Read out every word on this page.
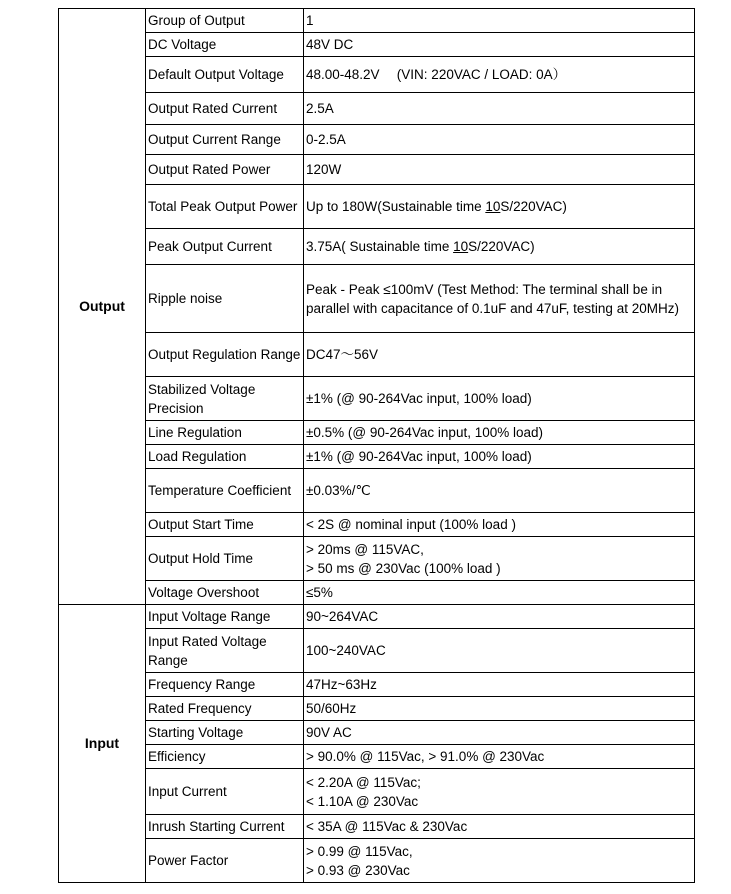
Output	Group of Output	1

	DC Voltage	48V DC

	Default Output Voltage	48.00-48.2V 　(VIN: 220VAC / LOAD: 0A）

	Output Rated Current	2.5A

	Output Current Range	0-2.5A

	Output Rated Power	120W

	Total Peak Output Power	Up to 180W(Sustainable time 10S/220VAC)
	Peak Output Current	3.75A( Sustainable time 10S/220VAC)
	Ripple noise	Peak - Peak ≤100mV (Test Method: The terminal shall be in parallel with capacitance of 0.1uF and 47uF, testing at 20MHz)

	Output Regulation Range	DC47～56V

	Stabilized Voltage Precision	±1% (@ 90-264Vac input, 100% load)

	Line Regulation	±0.5% (@ 90-264Vac input, 100% load)

	Load Regulation	±1% (@ 90-264Vac input, 100% load)

	Temperature Coefficient	±0.03%/℃

	Output Start Time	< 2S @ nominal input (100% load )

	Output Hold Time	> 20ms @ 115VAC,
> 50 ms @ 230Vac (100% load )

	Voltage Overshoot	≤5%

Input	Input Voltage Range	90~264VAC

	Input Rated Voltage Range	100~240VAC

	Frequency Range	47Hz~63Hz

	Rated Frequency	50/60Hz

	Starting Voltage	90V AC

	Efficiency	> 90.0% @ 115Vac, > 91.0% @ 230Vac

	Input Current	< 2.20A @ 115Vac;
< 1.10A @ 230Vac

	Inrush Starting Current	< 35A @ 115Vac & 230Vac

	Power Factor	> 0.99 @ 115Vac,
> 0.93 @ 230Vac
